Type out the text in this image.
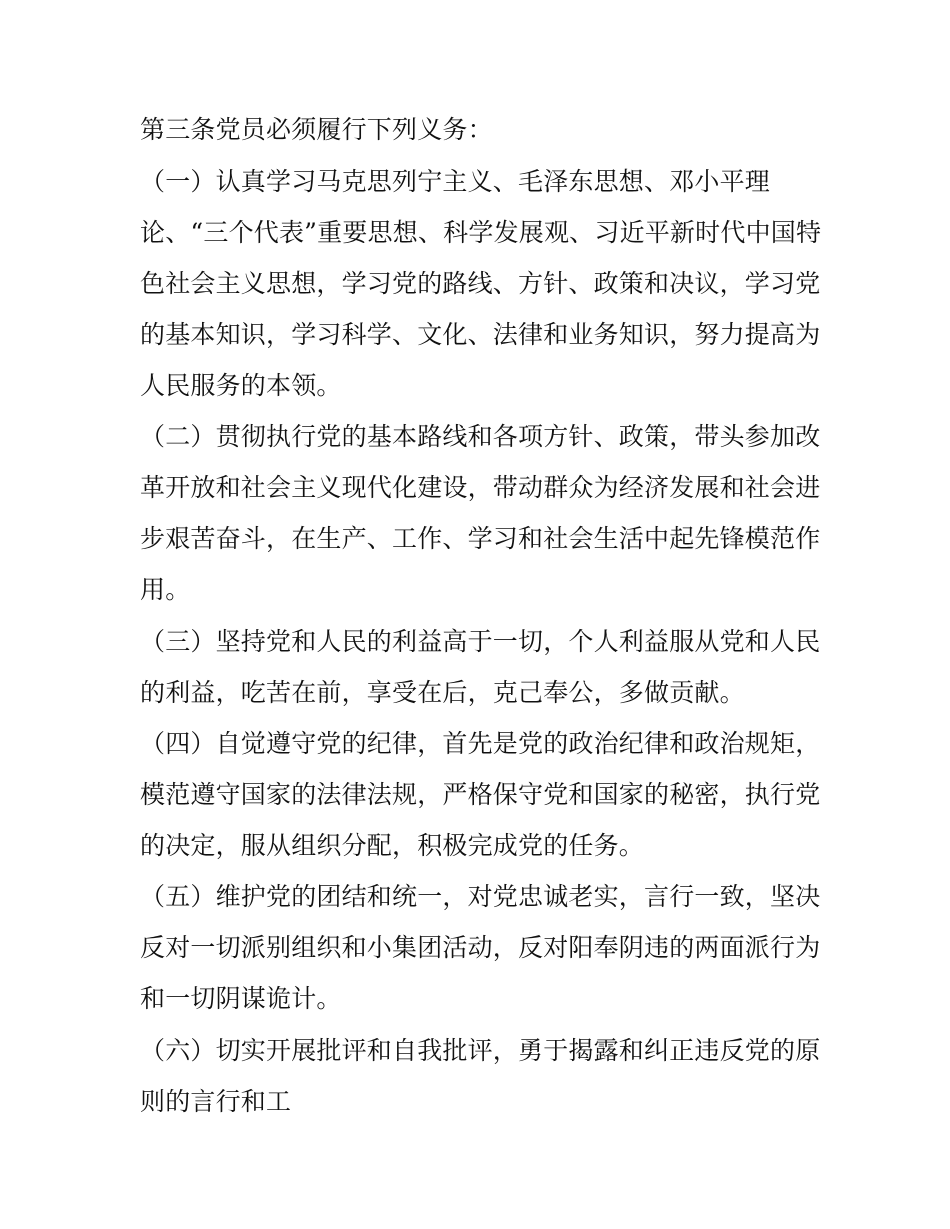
第三条党员必须履行下列义务：

（一）认真学习马克思列宁主义、毛泽东思想、邓小平理

论、“三个代表”重要思想、科学发展观、习近平新时代中国特

色社会主义思想，学习党的路线、方针、政策和决议，学习党

的基本知识，学习科学、文化、法律和业务知识，努力提高为

人民服务的本领。

（二）贯彻执行党的基本路线和各项方针、政策，带头参加改

革开放和社会主义现代化建设，带动群众为经济发展和社会进

步艰苦奋斗，在生产、工作、学习和社会生活中起先锋模范作

用。

（三）坚持党和人民的利益高于一切，个人利益服从党和人民

的利益，吃苦在前，享受在后，克己奉公，多做贡献。

（四）自觉遵守党的纪律，首先是党的政治纪律和政治规矩，

模范遵守国家的法律法规，严格保守党和国家的秘密，执行党

的决定，服从组织分配，积极完成党的任务。

（五）维护党的团结和统一，对党忠诚老实，言行一致，坚决

反对一切派别组织和小集团活动，反对阳奉阴违的两面派行为

和一切阴谋诡计。

（六）切实开展批评和自我批评，勇于揭露和纠正违反党的原

则的言行和工
